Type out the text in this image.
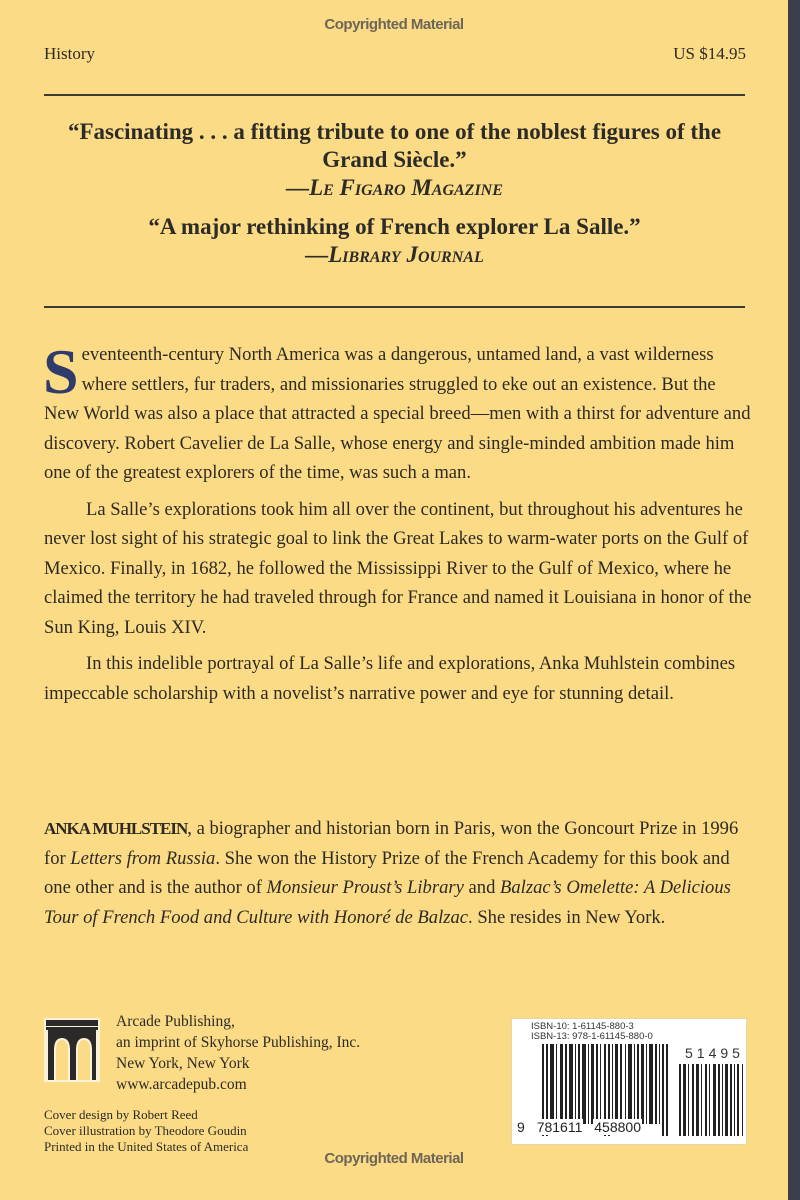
Copyrighted Material
History	US $14.95
“Fascinating . . . a fitting tribute to one of the noblest figures of the Grand Siècle.”
—Le Figaro Magazine
“A major rethinking of French explorer La Salle.”
—Library Journal

Seventeenth-century North America was a dangerous, untamed land, a vast wilderness where settlers, fur traders, and missionaries struggled to eke out an existence. But the New World was also a place that attracted a special breed—men with a thirst for adventure and discovery. Robert Cavelier de La Salle, whose energy and single-minded ambition made him one of the greatest explorers of the time, was such a man.

La Salle’s explorations took him all over the continent, but throughout his adventures he never lost sight of his strategic goal to link the Great Lakes to warm-water ports on the Gulf of Mexico. Finally, in 1682, he followed the Mississippi River to the Gulf of Mexico, where he claimed the territory he had traveled through for France and named it Louisiana in honor of the Sun King, Louis XIV.

In this indelible portrayal of La Salle’s life and explorations, Anka Muhlstein combines impeccable scholarship with a novelist’s narrative power and eye for stunning detail.

ANKA MUHLSTEIN, a biographer and historian born in Paris, won the Goncourt Prize in 1996 for Letters from Russia. She won the History Prize of the French Academy for this book and one other and is the author of Monsieur Proust’s Library and Balzac’s Omelette: A Delicious Tour of French Food and Culture with Honoré de Balzac. She resides in New York.

Arcade Publishing,
an imprint of Skyhorse Publishing, Inc.
New York, New York
www.arcadepub.com
Cover design by Robert Reed
Cover illustration by Theodore Goudin
Printed in the United States of America
ISBN-10: 1-61145-880-3
ISBN-13: 978-1-61145-880-0
51495
9 781611 458800
Copyrighted Material
